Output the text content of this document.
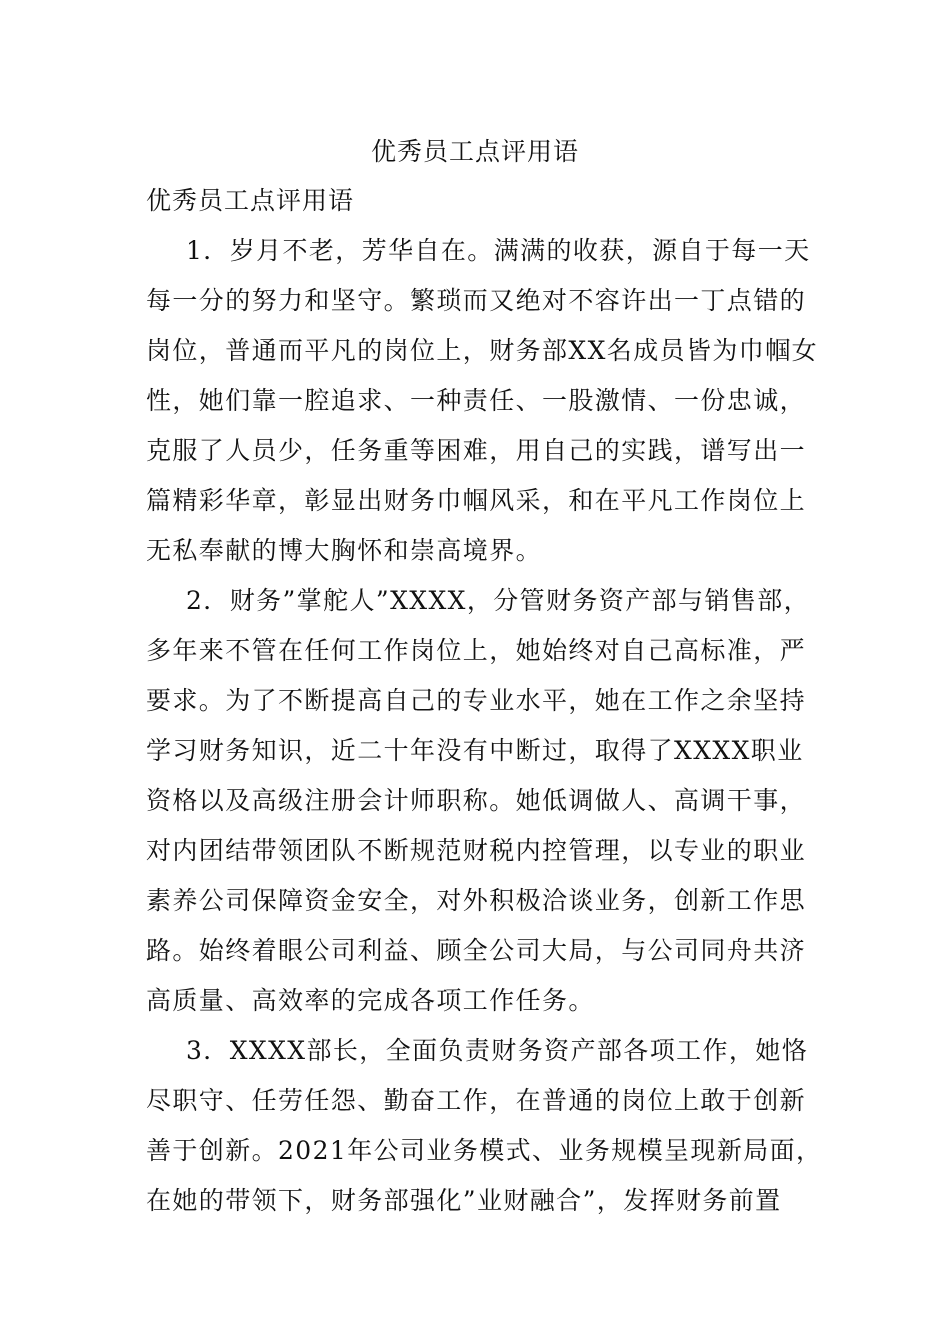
优秀员工点评用语
优秀员工点评用语
1．岁月不老，芳华自在。满满的收获，源自于每一天
每一分的努力和坚守。繁琐而又绝对不容许出一丁点错的
岗位，普通而平凡的岗位上，财务部XX名成员皆为巾帼女
性，她们靠一腔追求、一种责任、一股激情、一份忠诚，
克服了人员少，任务重等困难，用自己的实践，谱写出一
篇精彩华章，彰显出财务巾帼风采，和在平凡工作岗位上
无私奉献的博大胸怀和崇高境界。
2．财务”掌舵人”XXXX，分管财务资产部与销售部，
多年来不管在任何工作岗位上，她始终对自己高标准，严
要求。为了不断提高自己的专业水平，她在工作之余坚持
学习财务知识，近二十年没有中断过，取得了XXXX职业
资格以及高级注册会计师职称。她低调做人、高调干事，
对内团结带领团队不断规范财税内控管理，以专业的职业
素养公司保障资金安全，对外积极洽谈业务，创新工作思
路。始终着眼公司利益、顾全公司大局，与公司同舟共济
高质量、高效率的完成各项工作任务。
3．XXXX部长，全面负责财务资产部各项工作，她恪
尽职守、任劳任怨、勤奋工作，在普通的岗位上敢于创新
善于创新。2021年公司业务模式、业务规模呈现新局面，
在她的带领下，财务部强化”业财融合”，发挥财务前置
